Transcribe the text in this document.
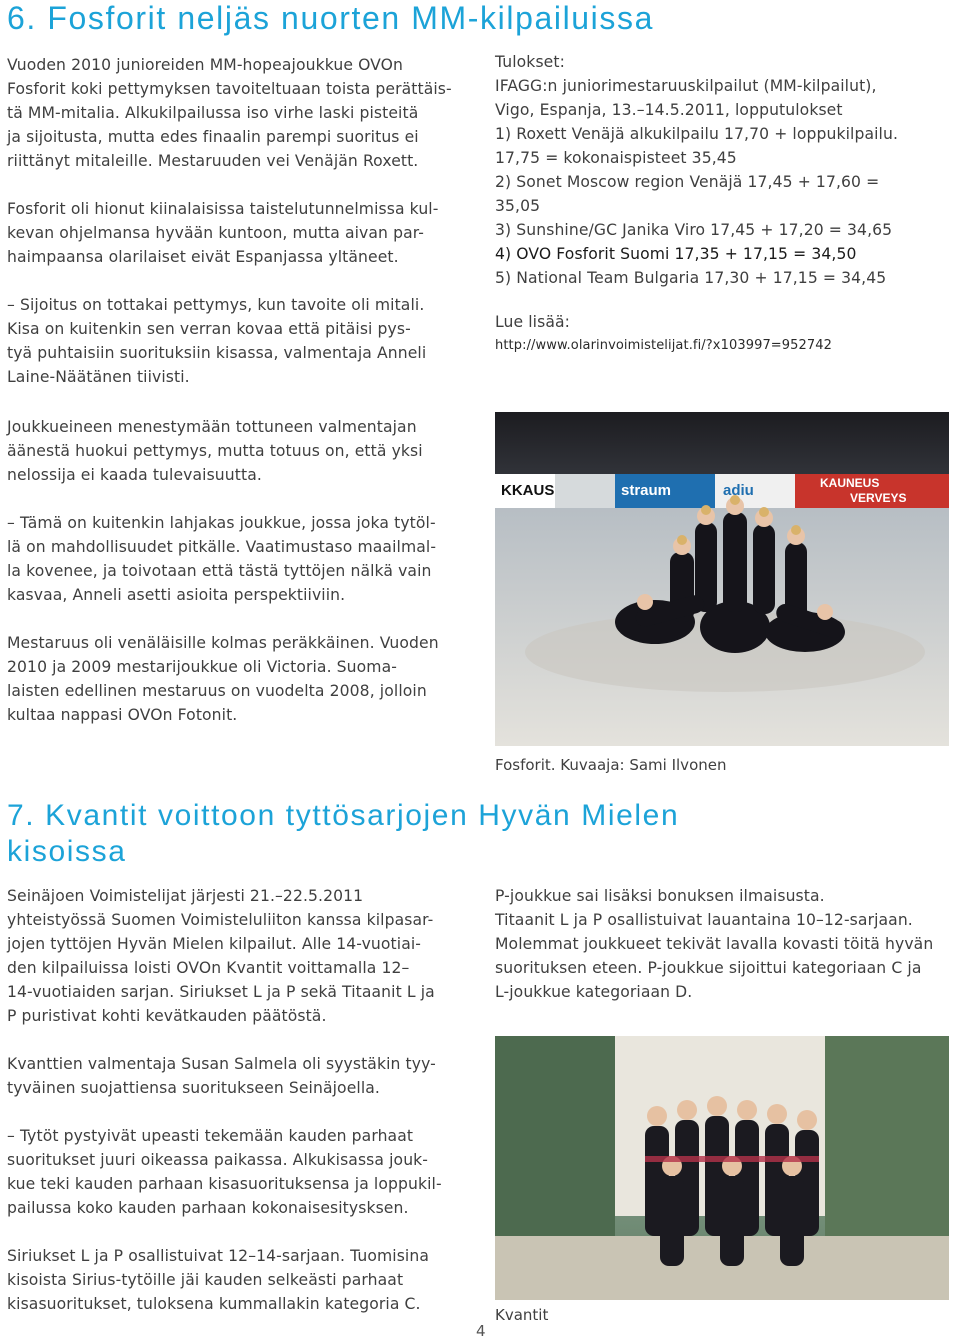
6. Fosforit neljäs nuorten MM-kilpailuissa

Vuoden 2010 junioreiden MM-hopeajoukkue OVOn
Fosforit koki pettymyksen tavoiteltuaan toista perättäis-
tä MM-mitalia. Alkukilpailussa iso virhe laski pisteitä
ja sijoitusta, mutta edes finaalin parempi suoritus ei
riittänyt mitaleille. Mestaruuden vei Venäjän Roxett.

Fosforit oli hionut kiinalaisissa taistelutunnelmissa kul-
kevan ohjelmansa hyvään kuntoon, mutta aivan par-
haimpaansa olarilaiset eivät Espanjassa yltäneet.

– Sijoitus on tottakai pettymys, kun tavoite oli mitali.
Kisa on kuitenkin sen verran kovaa että pitäisi pys-
tyä puhtaisiin suorituksiin kisassa, valmentaja Anneli
Laine-Näätänen tiivisti.

Joukkueineen menestymään tottuneen valmentajan
äänestä huokui pettymys, mutta totuus on, että yksi
nelossija ei kaada tulevaisuutta.

– Tämä on kuitenkin lahjakas joukkue, jossa joka tytöl-
lä on mahdollisuudet pitkälle. Vaatimustaso maailmal-
la kovenee, ja toivotaan että tästä tyttöjen nälkä vain
kasvaa, Anneli asetti asioita perspektiiviin.

Mestaruus oli venäläisille kolmas peräkkäinen. Vuoden
2010 ja 2009 mestarijoukkue oli Victoria. Suoma-
laisten edellinen mestaruus on vuodelta 2008, jolloin
kultaa nappasi OVOn Fotonit.

Tulokset:
IFAGG:n juniorimestaruuskilpailut (MM-kilpailut),
Vigo, Espanja, 13.–14.5.2011, lopputulokset
1) Roxett Venäjä alkukilpailu 17,70 + loppukilpailu.
17,75 = kokonaispisteet 35,45
2) Sonet Moscow region Venäjä 17,45 + 17,60 =
35,05
3) Sunshine/GC Janika Viro 17,45 + 17,20 = 34,65
4) OVO Fosforit Suomi 17,35 + 17,15 = 34,50
5) National Team Bulgaria 17,30 + 17,15 = 34,45
Lue lisää:
http://www.olarinvoimistelijat.fi/?x103997=952742
KKAUS	straum	adiu	KAUNEUS
VERVEYS
Fosforit. Kuvaaja: Sami Ilvonen
7. Kvantit voittoon tyttösarjojen Hyvän Mielen
kisoissa

Seinäjoen Voimistelijat järjesti 21.–22.5.2011
yhteistyössä Suomen Voimisteluliiton kanssa kilpasar-
jojen tyttöjen Hyvän Mielen kilpailut. Alle 14-vuotiai-
den kilpailuissa loisti OVOn Kvantit voittamalla 12–
14-vuotiaiden sarjan. Siriukset L ja P sekä Titaanit L ja
P puristivat kohti kevätkauden päätöstä.

Kvanttien valmentaja Susan Salmela oli syystäkin tyy-
tyväinen suojattiensa suoritukseen Seinäjoella.

– Tytöt pystyivät upeasti tekemään kauden parhaat
suoritukset juuri oikeassa paikassa. Alkukisassa jouk-
kue teki kauden parhaan kisasuorituksensa ja loppukil-
pailussa koko kauden parhaan kokonaisesitysksen.

Siriukset L ja P osallistuivat 12–14-sarjaan. Tuomisina
kisoista Sirius-tytöille jäi kauden selkeästi parhaat
kisasuoritukset, tuloksena kummallakin kategoria C.

P-joukkue sai lisäksi bonuksen ilmaisusta.
Titaanit L ja P osallistuivat lauantaina 10–12-sarjaan.
Molemmat joukkueet tekivät lavalla kovasti töitä hyvän
suorituksen eteen. P-joukkue sijoittui kategoriaan C ja
L-joukkue kategoriaan D.

Kvantit
4
